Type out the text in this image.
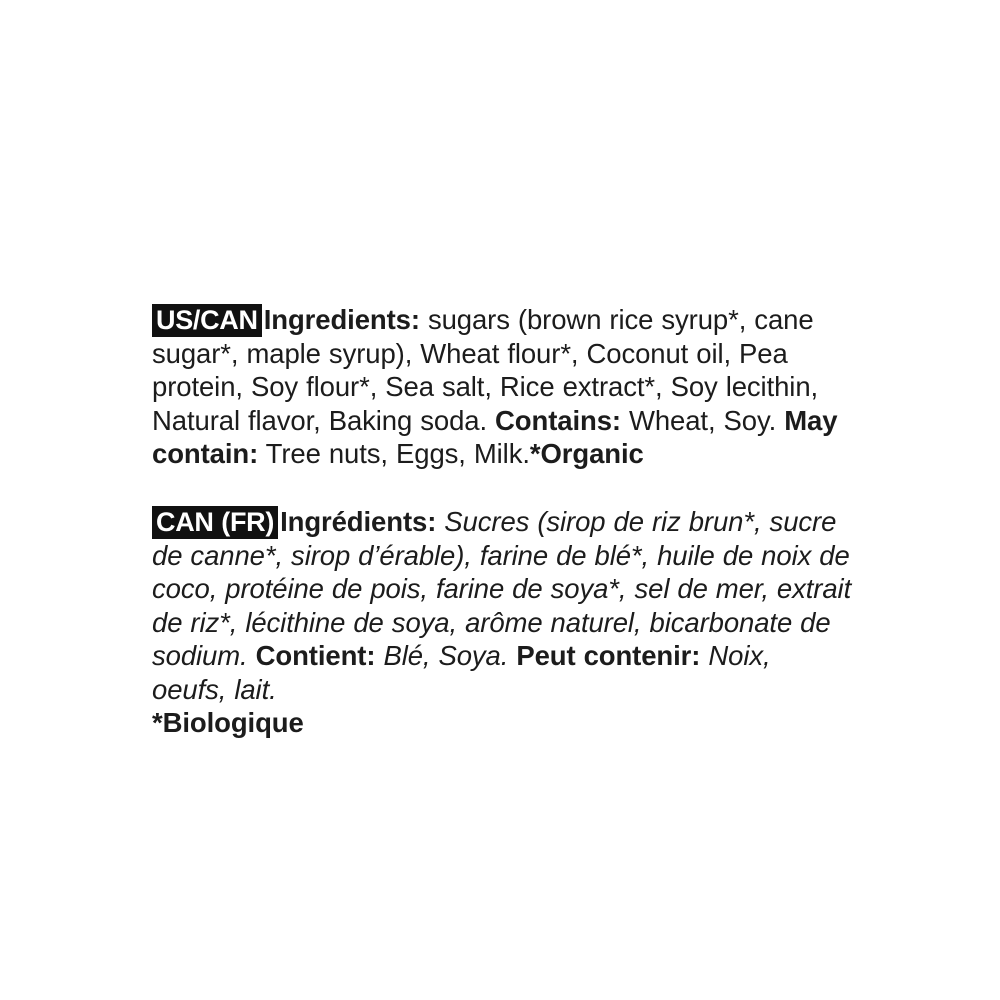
US/CAN Ingredients: sugars (brown rice syrup*, cane sugar*, maple syrup), Wheat flour*, Coconut oil, Pea protein, Soy flour*, Sea salt, Rice extract*, Soy lecithin, Natural flavor, Baking soda. Contains: Wheat, Soy. May contain: Tree nuts, Eggs, Milk.*Organic

CAN (FR) Ingrédients: Sucres (sirop de riz brun*, sucre de canne*, sirop d’érable), farine de blé*, huile de noix de coco, protéine de pois, farine de soya*, sel de mer, extrait de riz*, lécithine de soya, arôme naturel, bicarbonate de sodium. Contient: Blé, Soya. Peut contenir: Noix, oeufs, lait.
*Biologique
